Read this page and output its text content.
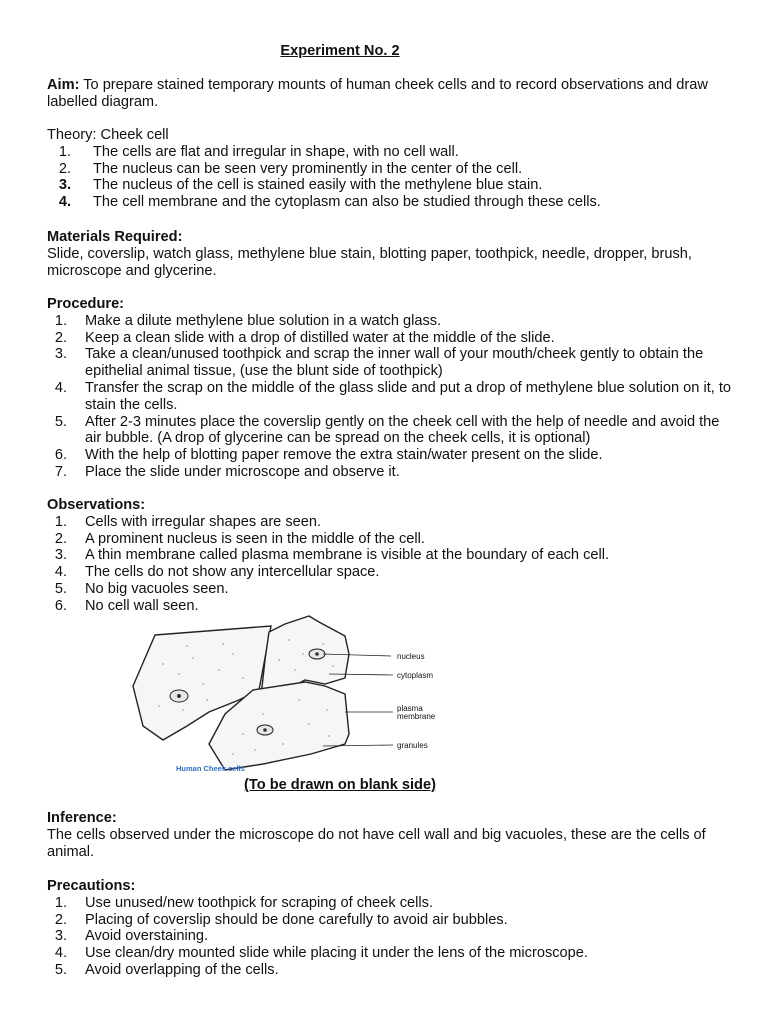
Experiment No. 2
Aim: To prepare stained temporary mounts of human cheek cells and to record observations and draw labelled diagram.
Theory: Cheek cell
1. The cells are flat and irregular in shape, with no cell wall.
2. The nucleus can be seen very prominently in the center of the cell.
3. The nucleus of the cell is stained easily with the methylene blue stain.
4. The cell membrane and the cytoplasm can also be studied through these cells.
Materials Required:
Slide, coverslip, watch glass, methylene blue stain, blotting paper, toothpick, needle, dropper, brush, microscope and glycerine.
Procedure:
1. Make a dilute methylene blue solution in a watch glass.
2. Keep a clean slide with a drop of distilled water at the middle of the slide.
3. Take a clean/unused toothpick and scrap the inner wall of your mouth/cheek gently to obtain the epithelial animal tissue, (use the blunt side of toothpick)
4. Transfer the scrap on the middle of the glass slide and put a drop of methylene blue solution on it, to stain the cells.
5. After 2-3 minutes place the coverslip gently on the cheek cell with the help of needle and avoid the air bubble. (A drop of glycerine can be spread on the cheek cells, it is optional)
6. With the help of blotting paper remove the extra stain/water present on the slide.
7. Place the slide under microscope and observe it.
Observations:
1. Cells with irregular shapes are seen.
2. A prominent nucleus is seen in the middle of the cell.
3. A thin membrane called plasma membrane is visible at the boundary of each cell.
4. The cells do not show any intercellular space.
5. No big vacuoles seen.
6. No cell wall seen.
nucleus
cytoplasm
plasma
membrane
granules
Human Cheek cells
(To be drawn on blank side)
Inference:
The cells observed under the microscope do not have cell wall and big vacuoles, these are the cells of animal.
Precautions:
1. Use unused/new toothpick for scraping of cheek cells.
2. Placing of coverslip should be done carefully to avoid air bubbles.
3. Avoid overstaining.
4. Use clean/dry mounted slide while placing it under the lens of the microscope.
5. Avoid overlapping of the cells.
